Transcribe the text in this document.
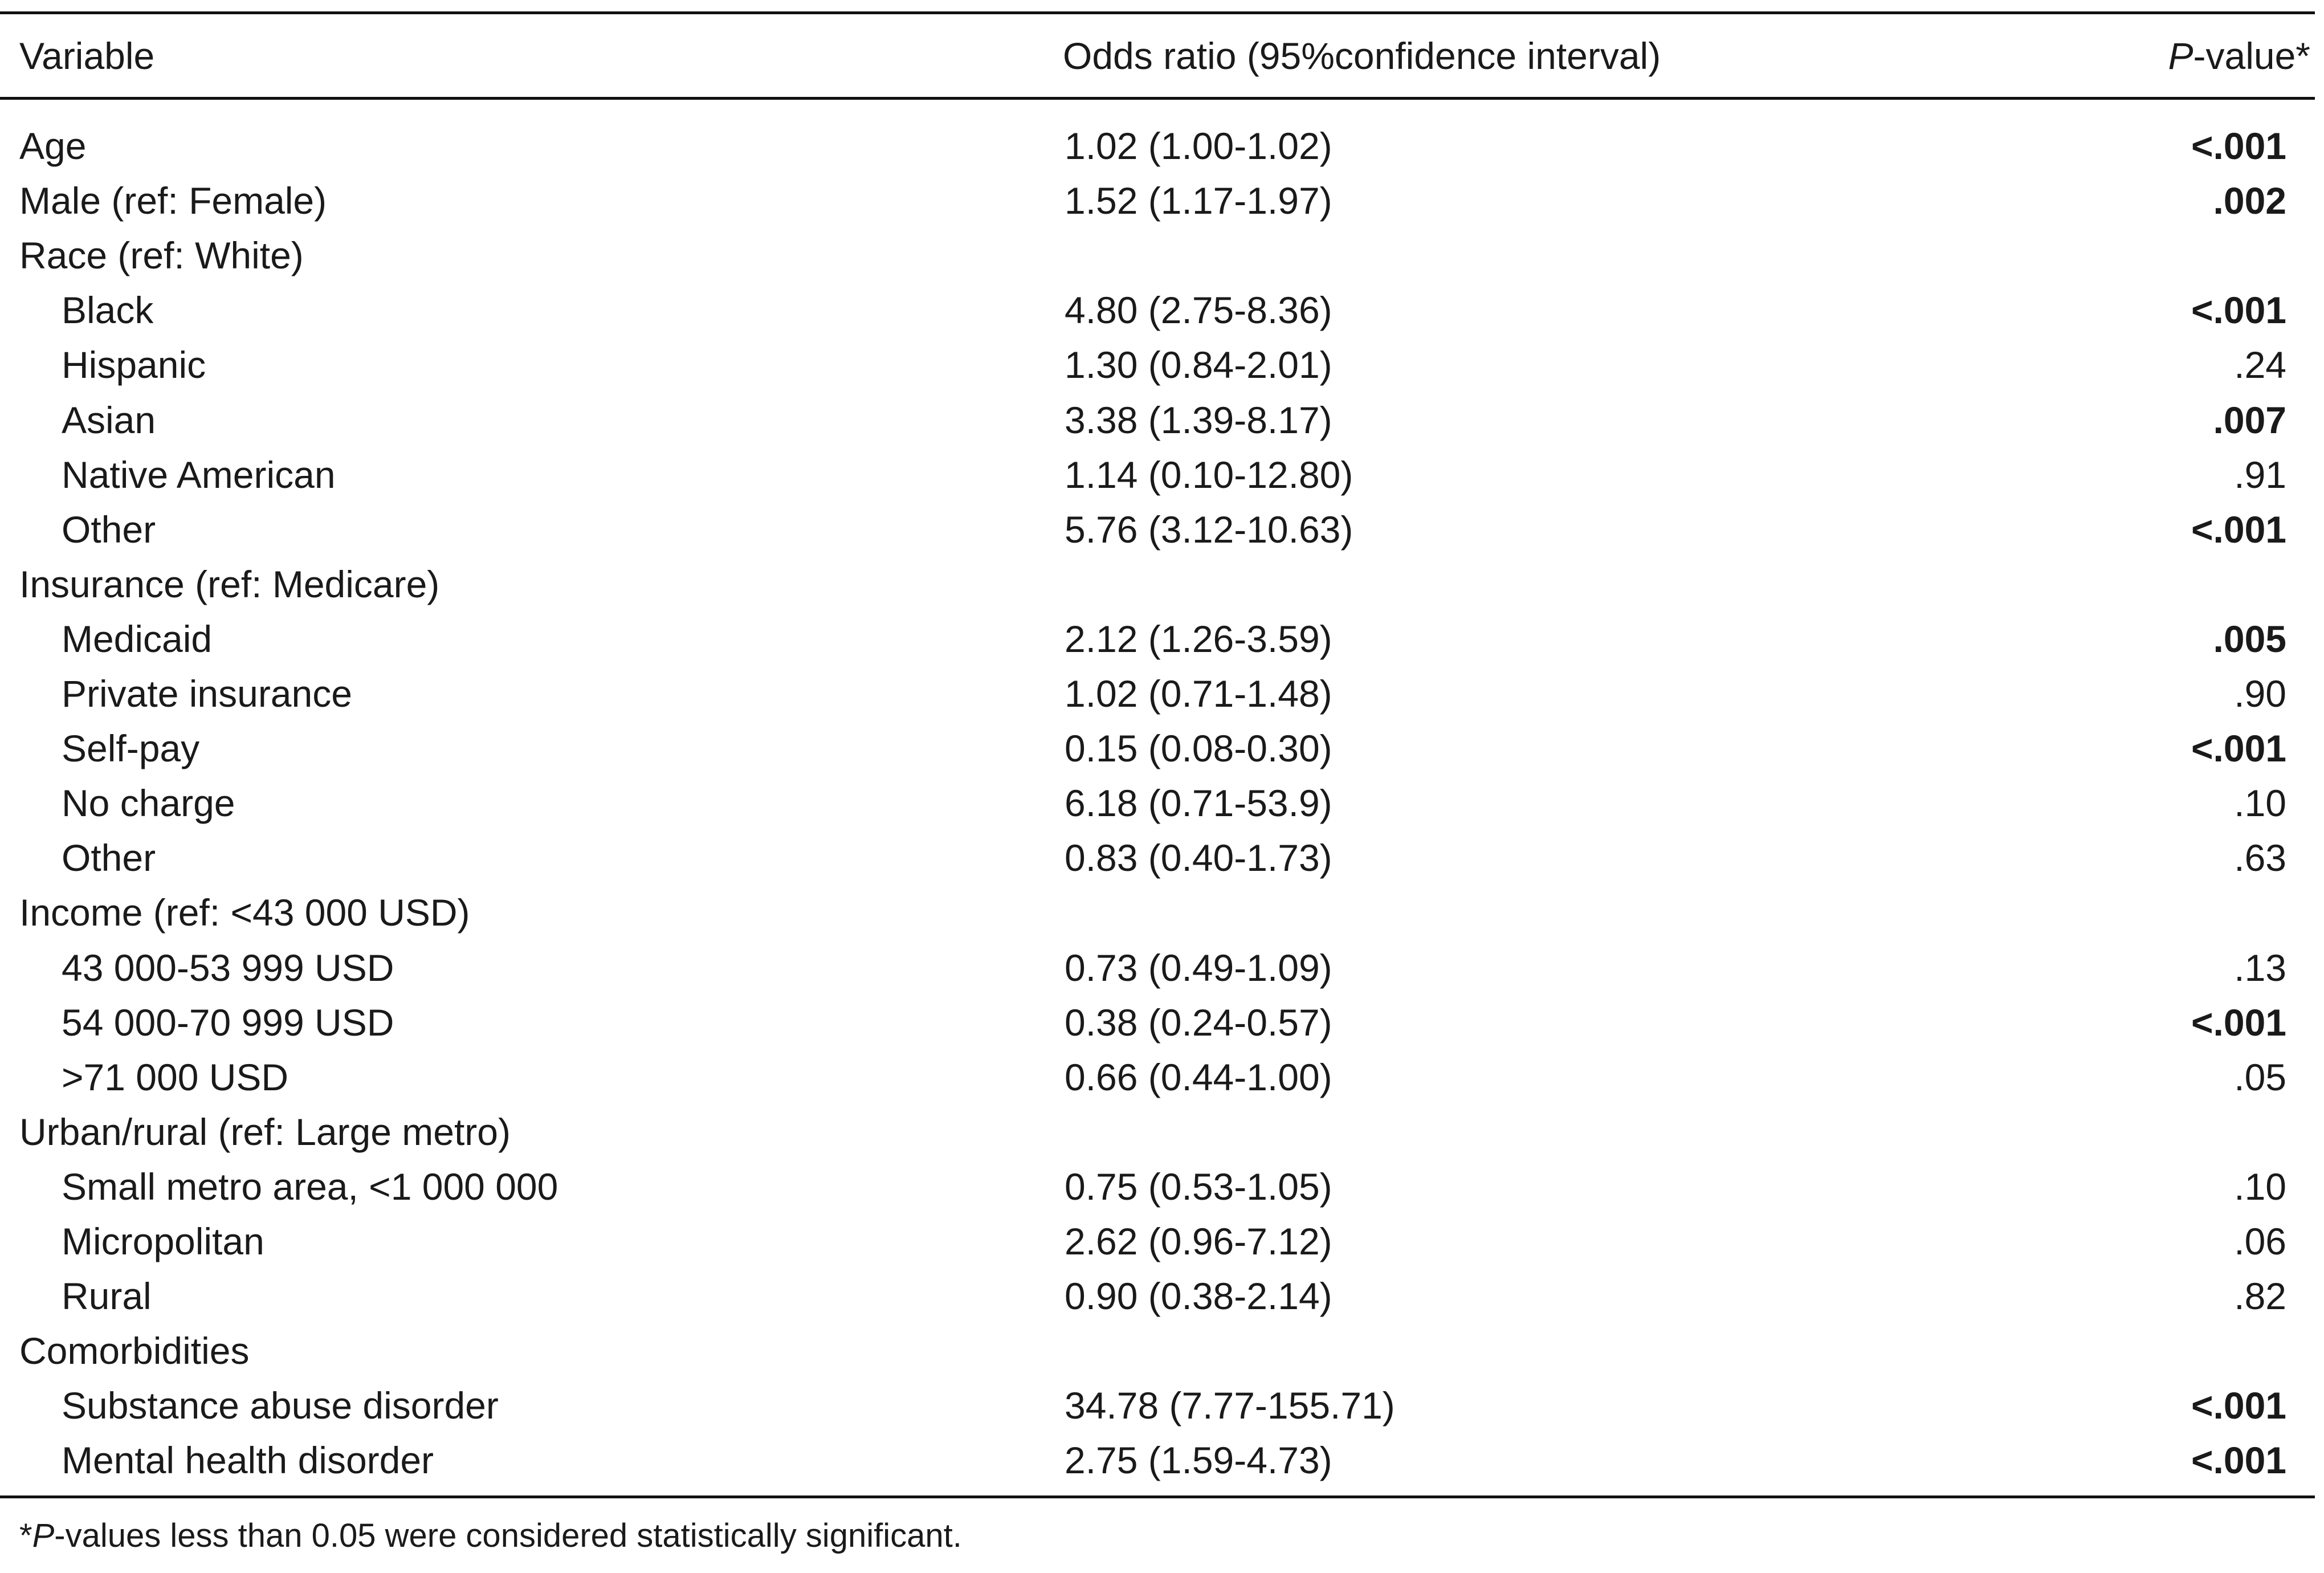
Variable	Odds ratio (95%confidence interval)	P-value*
Age	1.02 (1.00-1.02)	<.001
Male (ref: Female)	1.52 (1.17-1.97)	.002
Race (ref: White)
Black	4.80 (2.75-8.36)	<.001
Hispanic	1.30 (0.84-2.01)	.24
Asian	3.38 (1.39-8.17)	.007
Native American	1.14 (0.10-12.80)	.91
Other	5.76 (3.12-10.63)	<.001
Insurance (ref: Medicare)
Medicaid	2.12 (1.26-3.59)	.005
Private insurance	1.02 (0.71-1.48)	.90
Self-pay	0.15 (0.08-0.30)	<.001
No charge	6.18 (0.71-53.9)	.10
Other	0.83 (0.40-1.73)	.63
Income (ref: <43 000 USD)
43 000-53 999 USD	0.73 (0.49-1.09)	.13
54 000-70 999 USD	0.38 (0.24-0.57)	<.001
>71 000 USD	0.66 (0.44-1.00)	.05
Urban/rural (ref: Large metro)
Small metro area, <1 000 000	0.75 (0.53-1.05)	.10
Micropolitan	2.62 (0.96-7.12)	.06
Rural	0.90 (0.38-2.14)	.82
Comorbidities
Substance abuse disorder	34.78 (7.77-155.71)	<.001
Mental health disorder	2.75 (1.59-4.73)	<.001
*P-values less than 0.05 were considered statistically significant.
